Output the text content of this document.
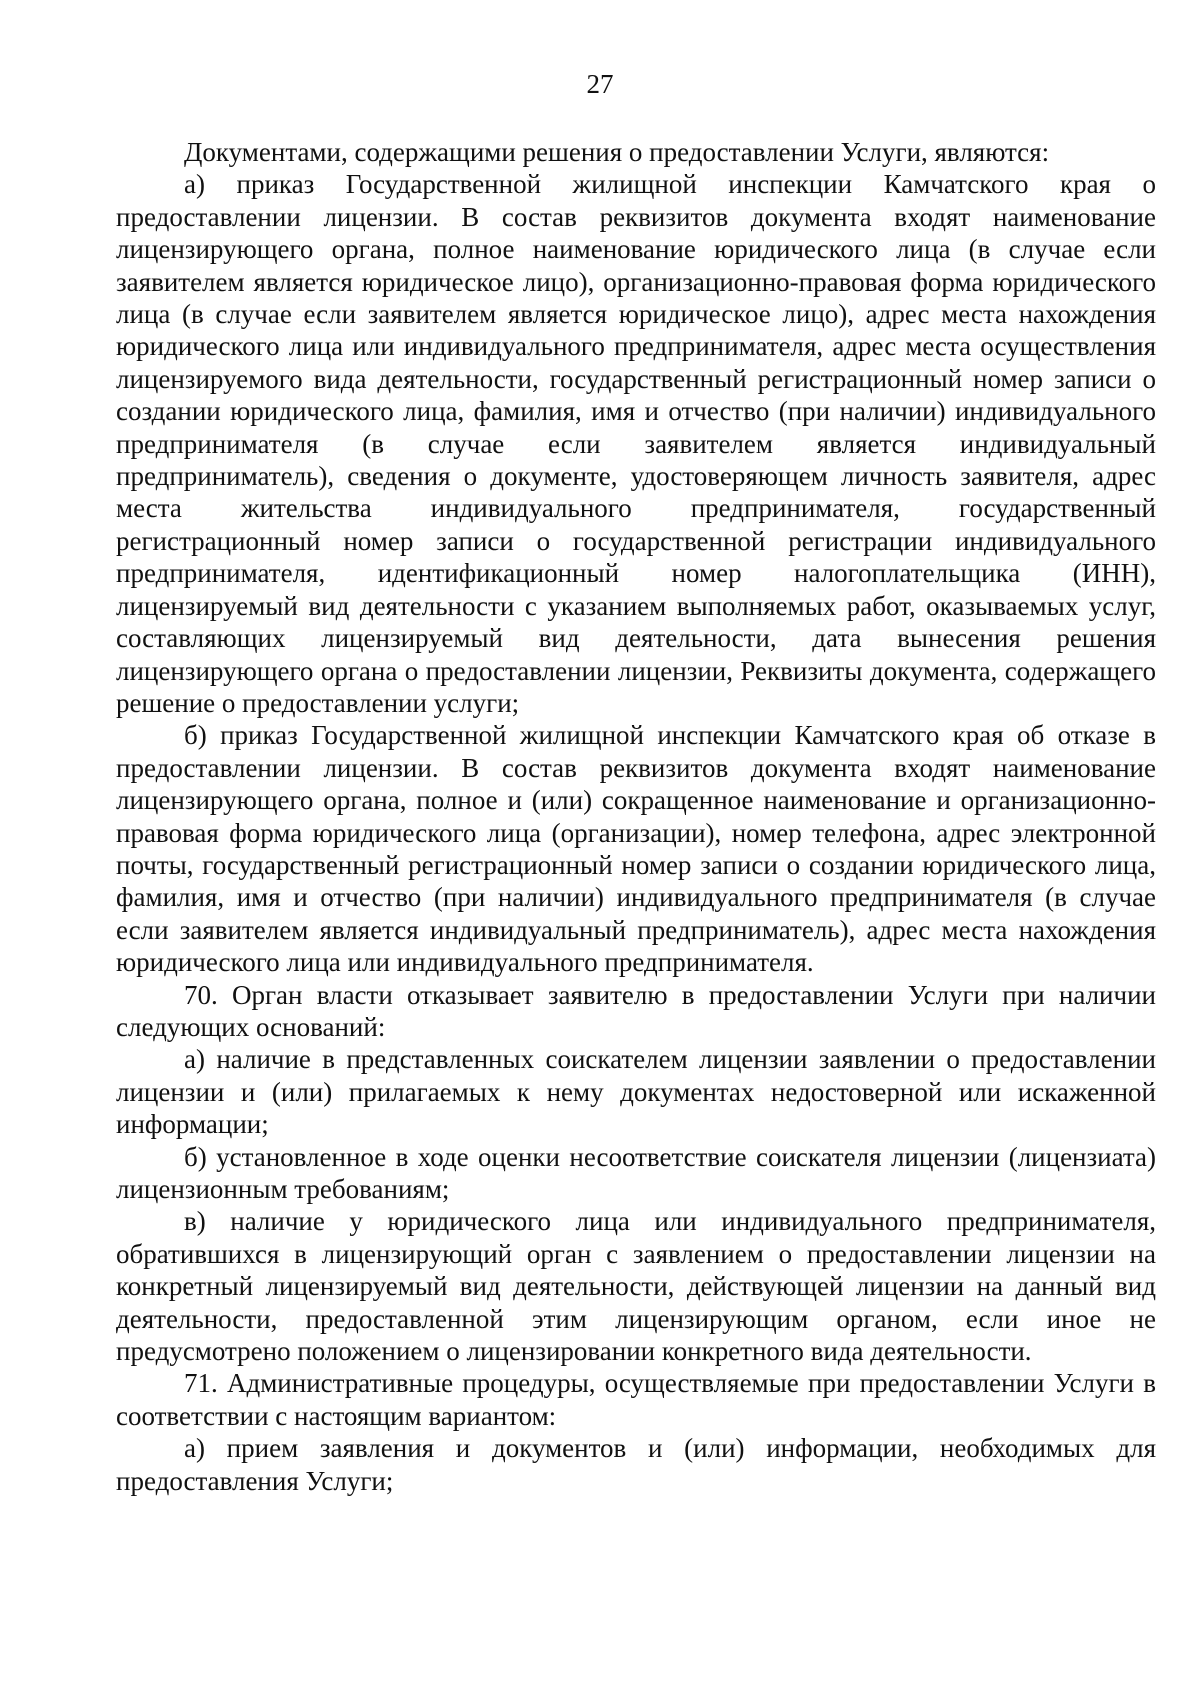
27

Документами, содержащими решения о предоставлении Услуги, являются:

а) приказ Государственной жилищной инспекции Камчатского края о предоставлении лицензии. В состав реквизитов документа входят наименование лицензирующего органа, полное наименование юридического лица (в случае если заявителем является юридическое лицо), организационно-правовая форма юридического лица (в случае если заявителем является юридическое лицо), адрес места нахождения юридического лица или индивидуального предпринимателя, адрес места осуществления лицензируемого вида деятельности, государственный регистрационный номер записи о создании юридического лица, фамилия, имя и отчество (при наличии) индивидуального предпринимателя (в случае если заявителем является индивидуальный предприниматель), сведения о документе, удостоверяющем личность заявителя, адрес места жительства индивидуального предпринимателя, государственный регистрационный номер записи о государственной регистрации индивидуального предпринимателя, идентификационный номер налогоплательщика (ИНН), лицензируемый вид деятельности с указанием выполняемых работ, оказываемых услуг, составляющих лицензируемый вид деятельности, дата вынесения решения лицензирующего органа о предоставлении лицензии, Реквизиты документа, содержащего решение о предоставлении услуги;

б) приказ Государственной жилищной инспекции Камчатского края об отказе в предоставлении лицензии. В состав реквизитов документа входят наименование лицензирующего органа, полное и (или) сокращенное наименование и организационно-правовая форма юридического лица (организации), номер телефона, адрес электронной почты, государственный регистрационный номер записи о создании юридического лица, фамилия, имя и отчество (при наличии) индивидуального предпринимателя (в случае если заявителем является индивидуальный предприниматель), адрес места нахождения юридического лица или индивидуального предпринимателя.

70. Орган власти отказывает заявителю в предоставлении Услуги при наличии следующих оснований:

а) наличие в представленных соискателем лицензии заявлении о предоставлении лицензии и (или) прилагаемых к нему документах недостоверной или искаженной информации;

б) установленное в ходе оценки несоответствие соискателя лицензии (лицензиата) лицензионным требованиям;

в) наличие у юридического лица или индивидуального предпринимателя, обратившихся в лицензирующий орган с заявлением о предоставлении лицензии на конкретный лицензируемый вид деятельности, действующей лицензии на данный вид деятельности, предоставленной этим лицензирующим органом, если иное не предусмотрено положением о лицензировании конкретного вида деятельности.

71. Административные процедуры, осуществляемые при предоставлении Услуги в соответствии с настоящим вариантом:

а) прием заявления и документов и (или) информации, необходимых для предоставления Услуги;
